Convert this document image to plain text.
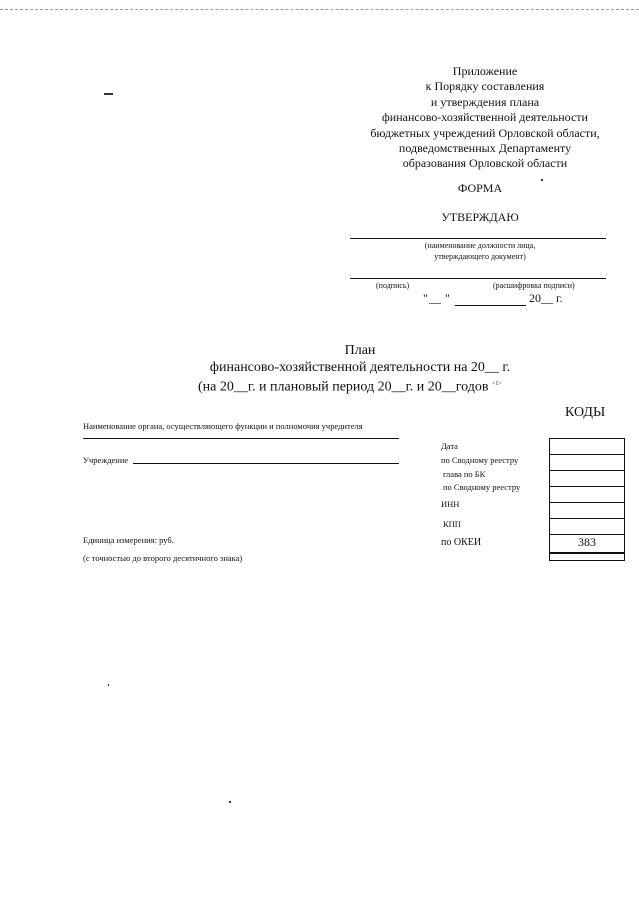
Приложение
к Порядку составления
и утверждения плана
финансово-хозяйственной деятельности
бюджетных учреждений Орловской области,
подведомственных Департаменту
образования Орловской области
ФОРМА
УТВЕРЖДАЮ
(наименование должности лица,
утверждающего документ)
(подпись)	(расшифровка подписи)
" __ "	20__ г.
План
финансово-хозяйственной деятельности на 20__ г.
(на 20__г. и плановый период 20__г. и 20__годов $^{<1>}$
КОДЫ
Наименование органа, осуществляющего функции и полномочия учредителя
Учреждение
Единица измерения: руб.
(с точностью до второго десятичного знака)
Дата
по Сводному реестру
глава по БК
по Сводному реестру
ИНН
КПП
по ОКЕИ	383
